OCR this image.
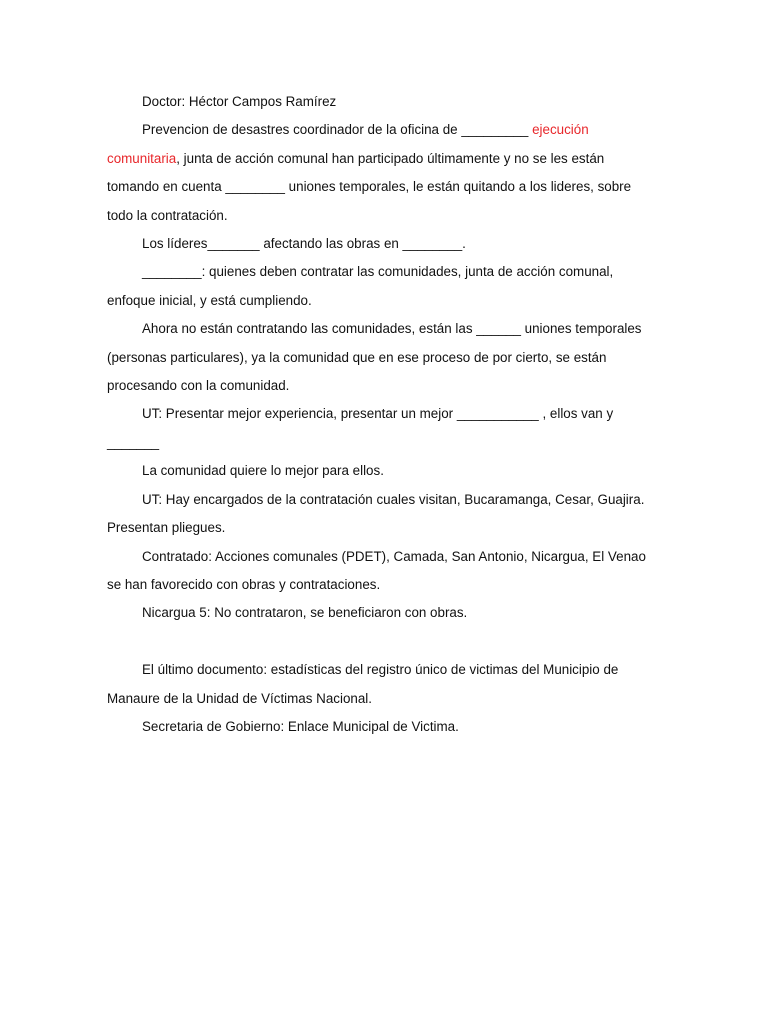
Doctor: Héctor Campos Ramírez

Prevencion de desastres coordinador de la oficina de _________ ejecución comunitaria, junta de acción comunal han participado últimamente y no se les están tomando en cuenta ________ uniones temporales, le están quitando a los lideres, sobre todo la contratación.

Los líderes_______ afectando las obras en ________.

________: quienes deben contratar las comunidades, junta de acción comunal, enfoque inicial, y está cumpliendo.

Ahora no están contratando las comunidades, están las ______ uniones temporales (personas particulares), ya la comunidad que en ese proceso de por cierto, se están procesando con la comunidad.

UT: Presentar mejor experiencia, presentar un mejor ___________ , ellos van y _______

La comunidad quiere lo mejor para ellos.

UT: Hay encargados de la contratación cuales visitan, Bucaramanga, Cesar, Guajira. Presentan pliegues.

Contratado: Acciones comunales (PDET), Camada, San Antonio, Nicargua, El Venao se han favorecido con obras y contrataciones.

Nicargua 5: No contrataron, se beneficiaron con obras.

El último documento: estadísticas del registro único de victimas del Municipio de Manaure de la Unidad de Víctimas Nacional.

Secretaria de Gobierno: Enlace Municipal de Victima.
